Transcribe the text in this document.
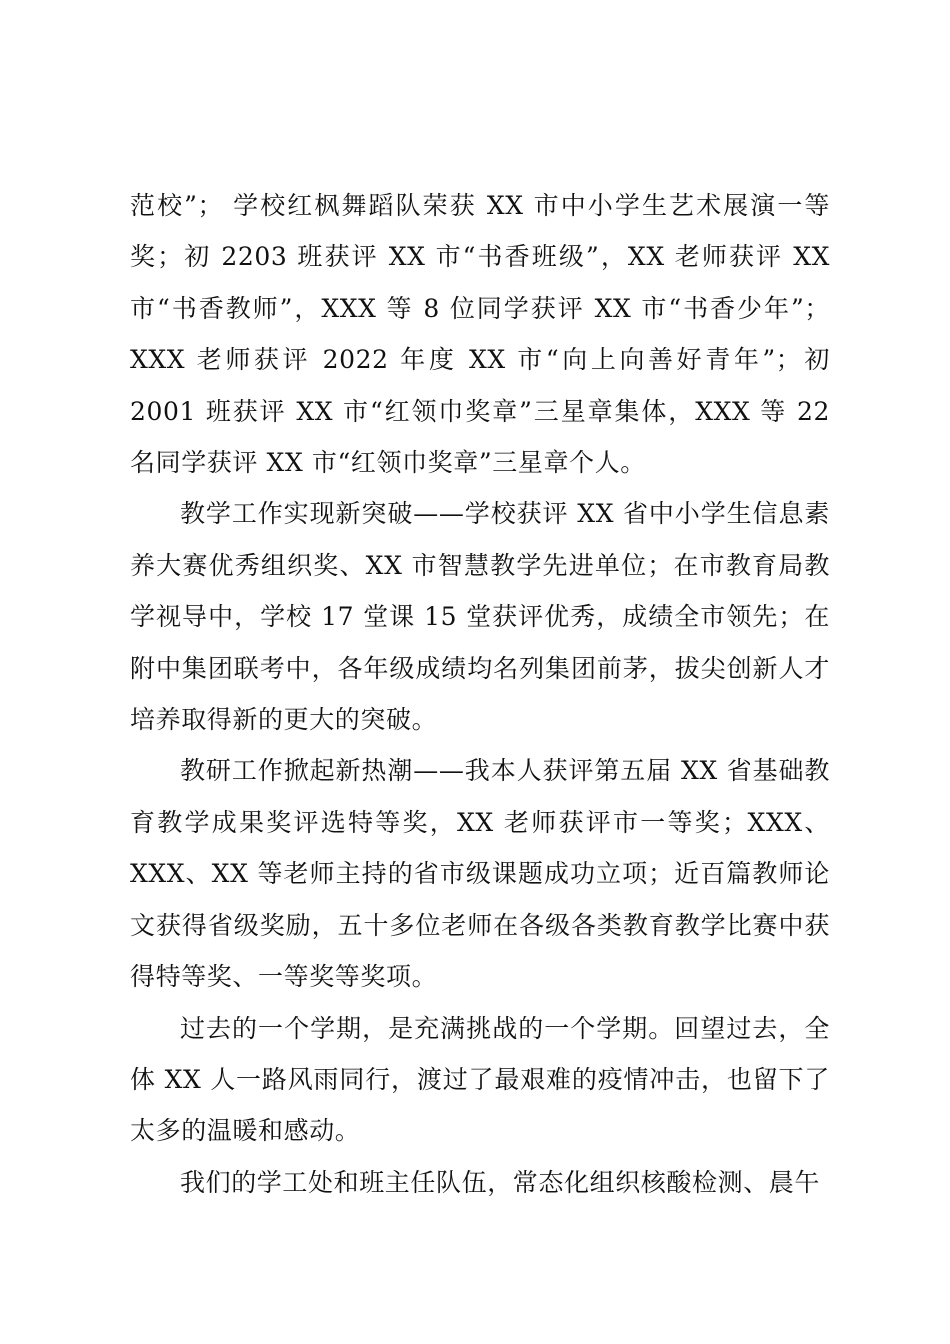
范校”； 学校红枫舞蹈队荣获 XX 市中小学生艺术展演一等奖；初 2203 班获评 XX 市“书香班级”，XX 老师获评 XX 市“书香教师”，XXX 等 8 位同学获评 XX 市“书香少年”；XXX 老师获评 2022 年度 XX 市“向上向善好青年”；初 2001 班获评 XX 市“红领巾奖章”三星章集体，XXX 等 22 名同学获评 XX 市“红领巾奖章”三星章个人。

教学工作实现新突破——学校获评 XX 省中小学生信息素养大赛优秀组织奖、XX 市智慧教学先进单位；在市教育局教学视导中，学校 17 堂课 15 堂获评优秀，成绩全市领先；在附中集团联考中，各年级成绩均名列集团前茅，拔尖创新人才培养取得新的更大的突破。

教研工作掀起新热潮——我本人获评第五届 XX 省基础教育教学成果奖评选特等奖，XX 老师获评市一等奖；XXX、XXX、XX 等老师主持的省市级课题成功立项；近百篇教师论文获得省级奖励，五十多位老师在各级各类教育教学比赛中获得特等奖、一等奖等奖项。

过去的一个学期，是充满挑战的一个学期。回望过去，全体 XX 人一路风雨同行，渡过了最艰难的疫情冲击，也留下了太多的温暖和感动。

我们的学工处和班主任队伍，常态化组织核酸检测、晨午
